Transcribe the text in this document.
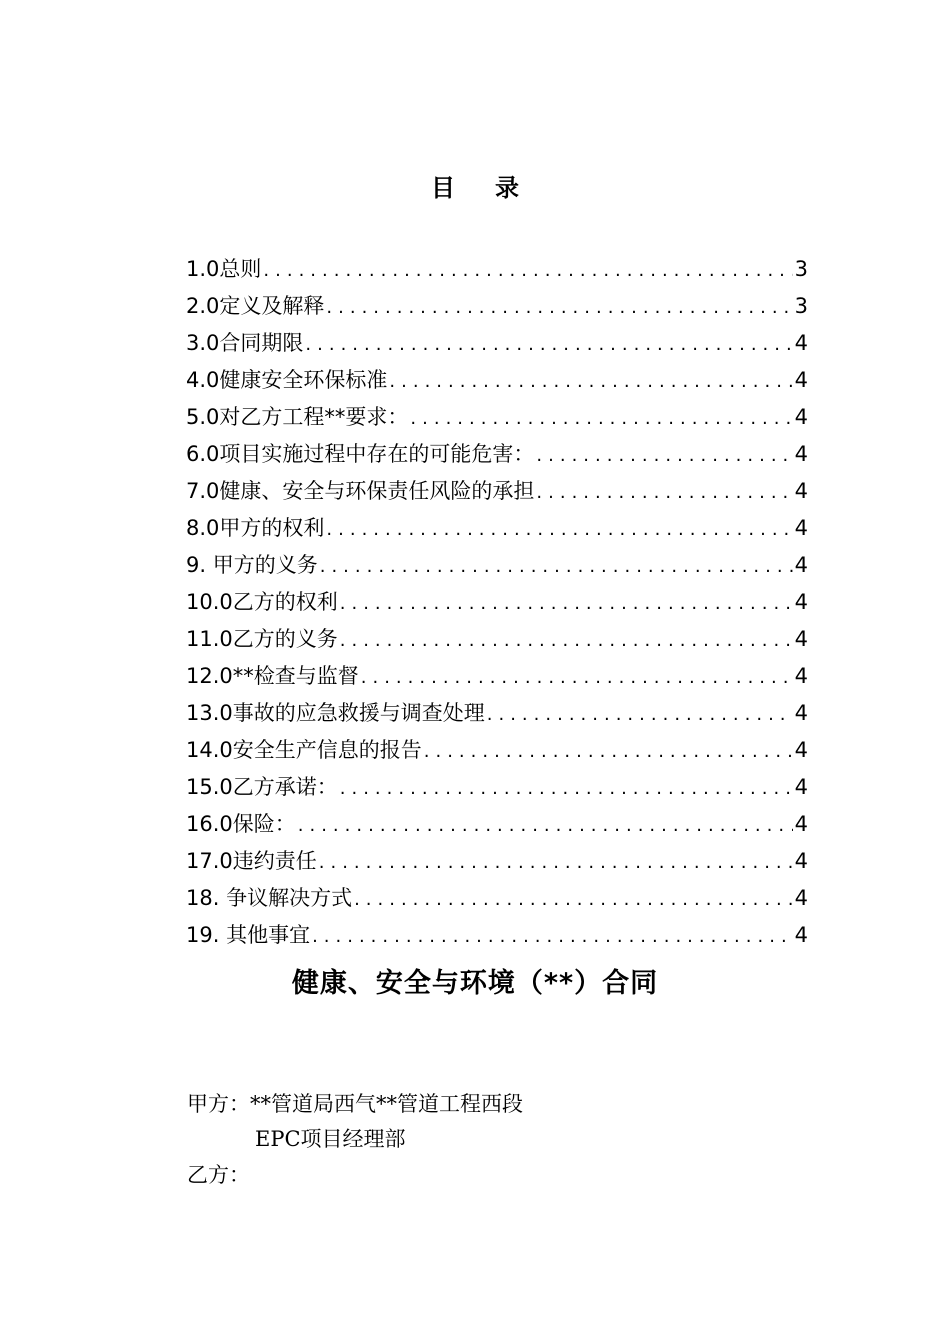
目录
1.0总则 .....	3
2.0定义及解释 .....	3
3.0合同期限 .....	4
4.0健康安全环保标准 .....	4
5.0对乙方工程**要求： .....	4
6.0项目实施过程中存在的可能危害： .....	4
7.0健康、安全与环保责任风险的承担 .....	4
8.0甲方的权利 .....	4
9. 甲方的义务 .....	4
10.0乙方的权利 .....	4
11.0乙方的义务 .....	4
12.0**检查与监督 .....	4
13.0事故的应急救援与调查处理 .....	4
14.0安全生产信息的报告 .....	4
15.0乙方承诺： .....	4
16.0保险： .....	4
17.0违约责任 .....	4
18. 争议解决方式 .....	4
19. 其他事宜 .....	4
健康、安全与环境（**）合同
甲方：**管道局西气**管道工程西段
EPC项目经理部
乙方：
